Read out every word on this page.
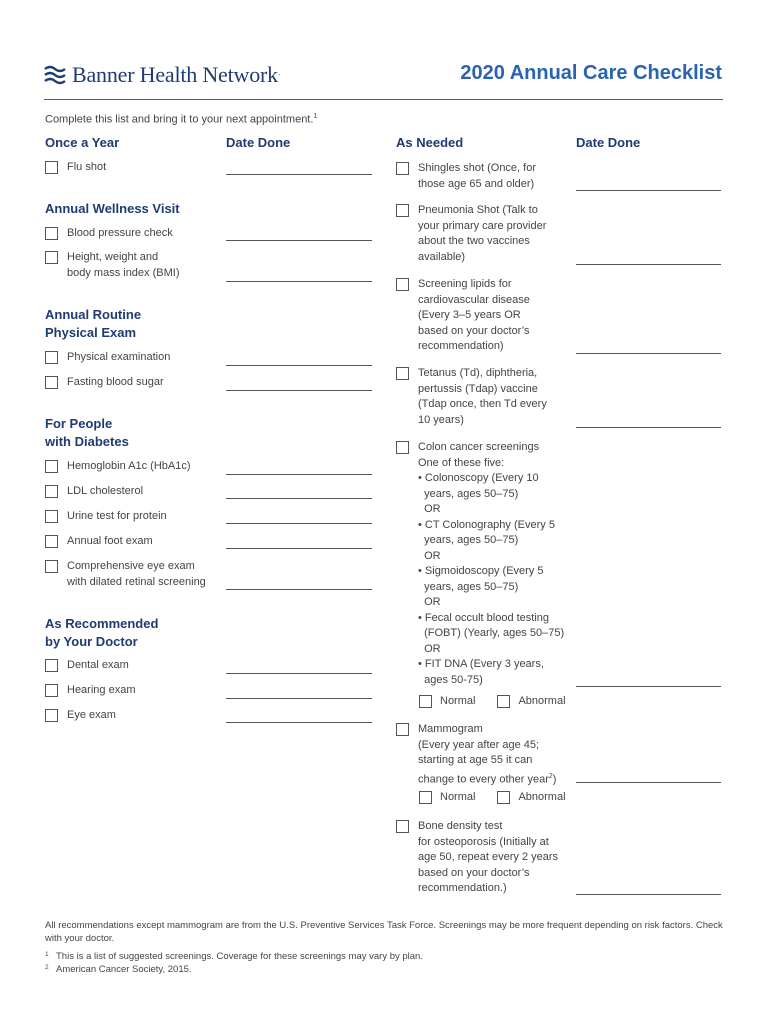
Banner Health Network .	2020 Annual Care Checklist
Complete this list and bring it to your next appointment.$^1$
Once a Year	Date Done
Flu shot
Annual Wellness Visit
Blood pressure check
Height, weight and
body mass index (BMI)
Annual Routine
Physical Exam
Physical examination
Fasting blood sugar
For People
with Diabetes
Hemoglobin A1c (HbA1c)
LDL cholesterol
Urine test for protein
Annual foot exam
Comprehensive eye exam
with dilated retinal screening
As Recommended
by Your Doctor
Dental exam
Hearing exam
Eye exam
As Needed	Date Done
Shingles shot (Once, for
those age 65 and older)
Pneumonia Shot (Talk to
your primary care provider
about the two vaccines
available)
Screening lipids for
cardiovascular disease
(Every 3–5 years OR
based on your doctor’s
recommendation)
Tetanus (Td), diphtheria,
pertussis (Tdap) vaccine
(Tdap once, then Td every
10 years)
Colon cancer screenings
One of these five:
• Colonoscopy (Every 10
years, ages 50–75)
OR
• CT Colonography (Every 5
years, ages 50–75)
OR
• Sigmoidoscopy (Every 5
years, ages 50–75)
OR
• Fecal occult blood testing
(FOBT) (Yearly, ages 50–75)
OR
• FIT DNA (Every 3 years,
ages 50-75)
Normal	Abnormal
Mammogram
(Every year after age 45;
starting at age 55 it can
change to every other year$^2$)
Normal	Abnormal
Bone density test
for osteoporosis (Initially at
age 50, repeat every 2 years
based on your doctor’s
recommendation.)
All recommendations except mammogram are from the U.S. Preventive Services Task Force. Screenings may be more frequent depending on risk factors. Check with your doctor.
1 This is a list of suggested screenings. Coverage for these screenings may vary by plan.
2 American Cancer Society, 2015.
